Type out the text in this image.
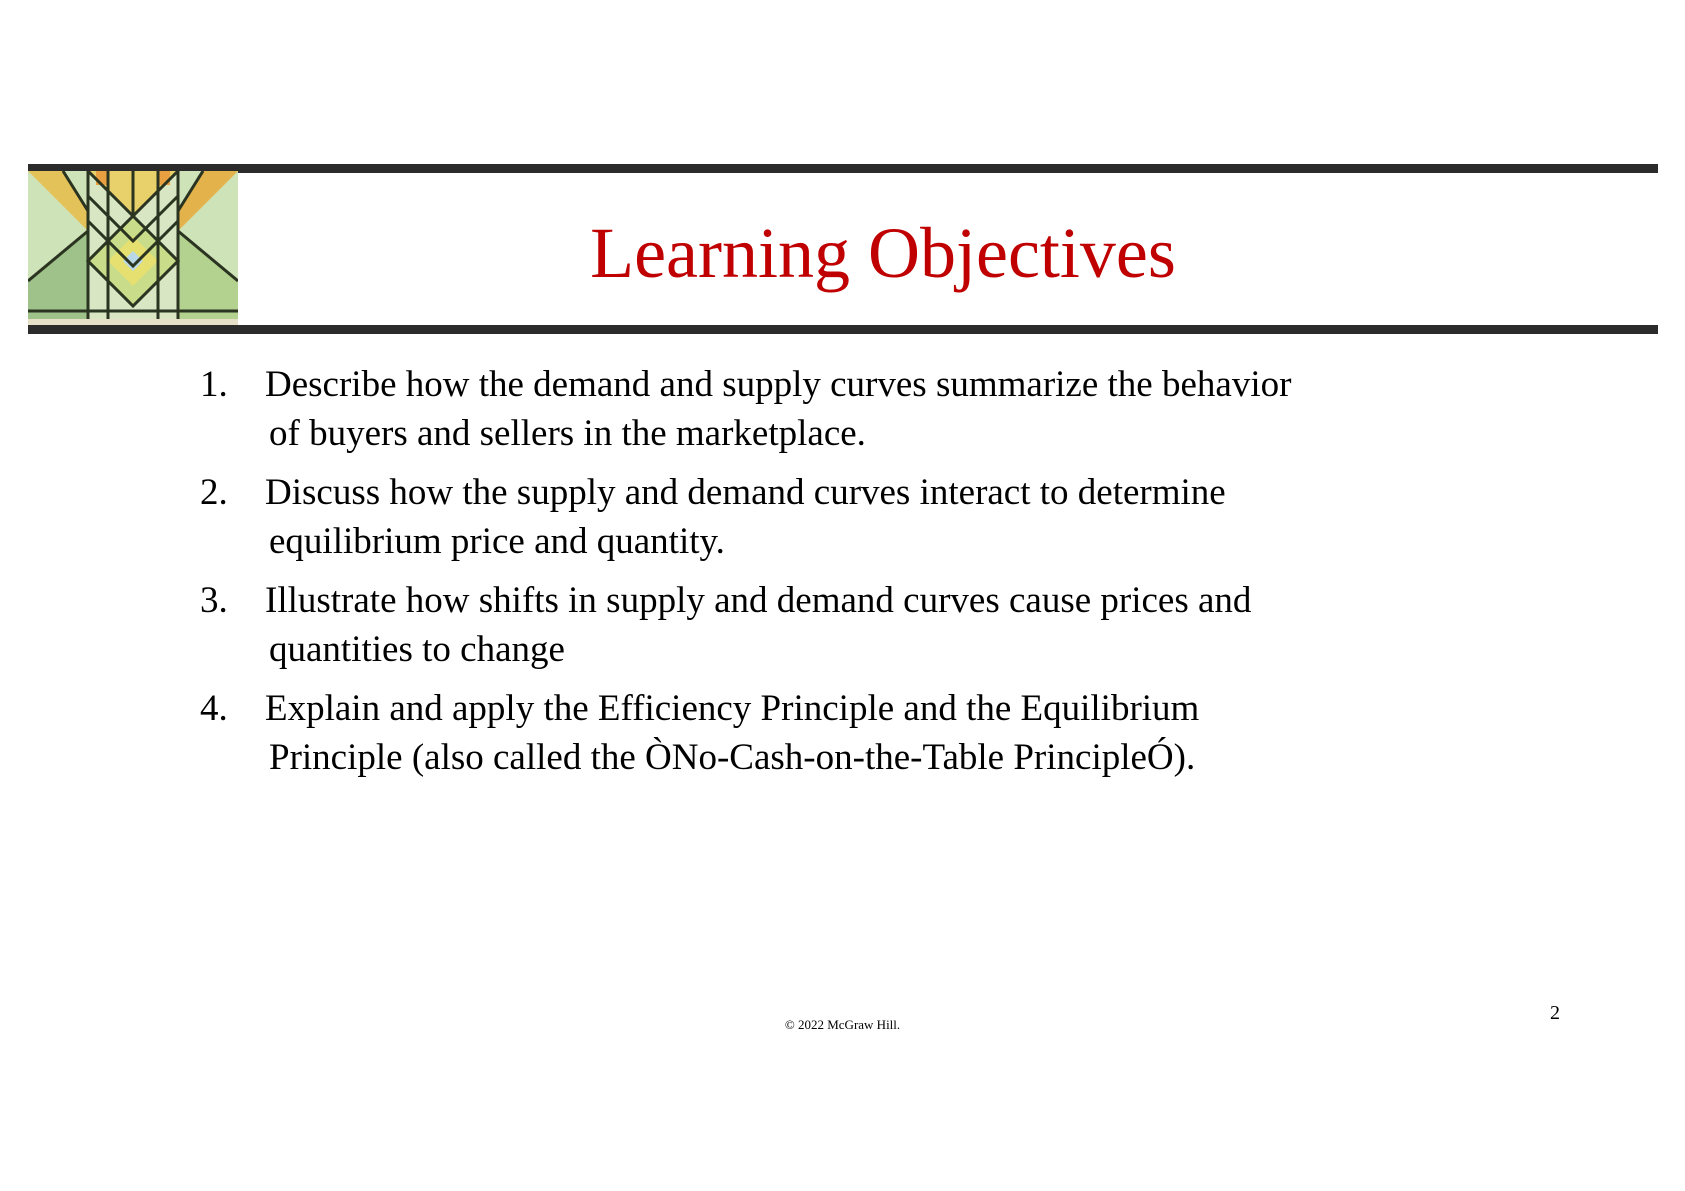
Learning Objectives
1. Describe how the demand and supply curves summarize the behavior
of buyers and sellers in the marketplace.
2. Discuss how the supply and demand curves interact to determine
equilibrium price and quantity.
3. Illustrate how shifts in supply and demand curves cause prices and
quantities to change
4. Explain and apply the Efficiency Principle and the Equilibrium
Principle (also called the ÒNo-Cash-on-the-Table PrincipleÓ).
© 2022 McGraw Hill.
2
